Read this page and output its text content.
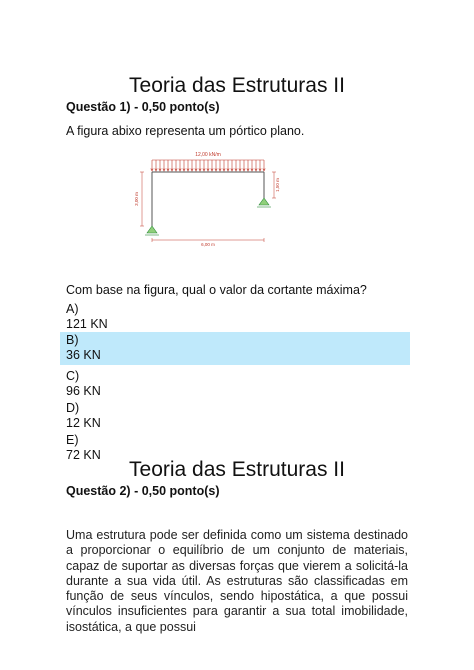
Teoria das Estruturas II

Questão 1) - 0,50 ponto(s)

A figura abixo representa um pórtico plano.

12,00 kN/m
3,00 m
1,50 m
6,00 m

Com base na figura, qual o valor da cortante máxima?

A)
121 KN
B)
36 KN
C)
96 KN
D)
12 KN
E)
72 KN
Teoria das Estruturas II

Questão 2) - 0,50 ponto(s)

Uma estrutura pode ser definida como um sistema destinado a proporcionar o equilíbrio de um conjunto de materiais, capaz de suportar as diversas forças que vierem a solicitá-la durante a sua vida útil. As estruturas são classificadas em função de seus vínculos, sendo hipostática, a que possui vínculos insuficientes para garantir a sua total imobilidade, isostática, a que possui
